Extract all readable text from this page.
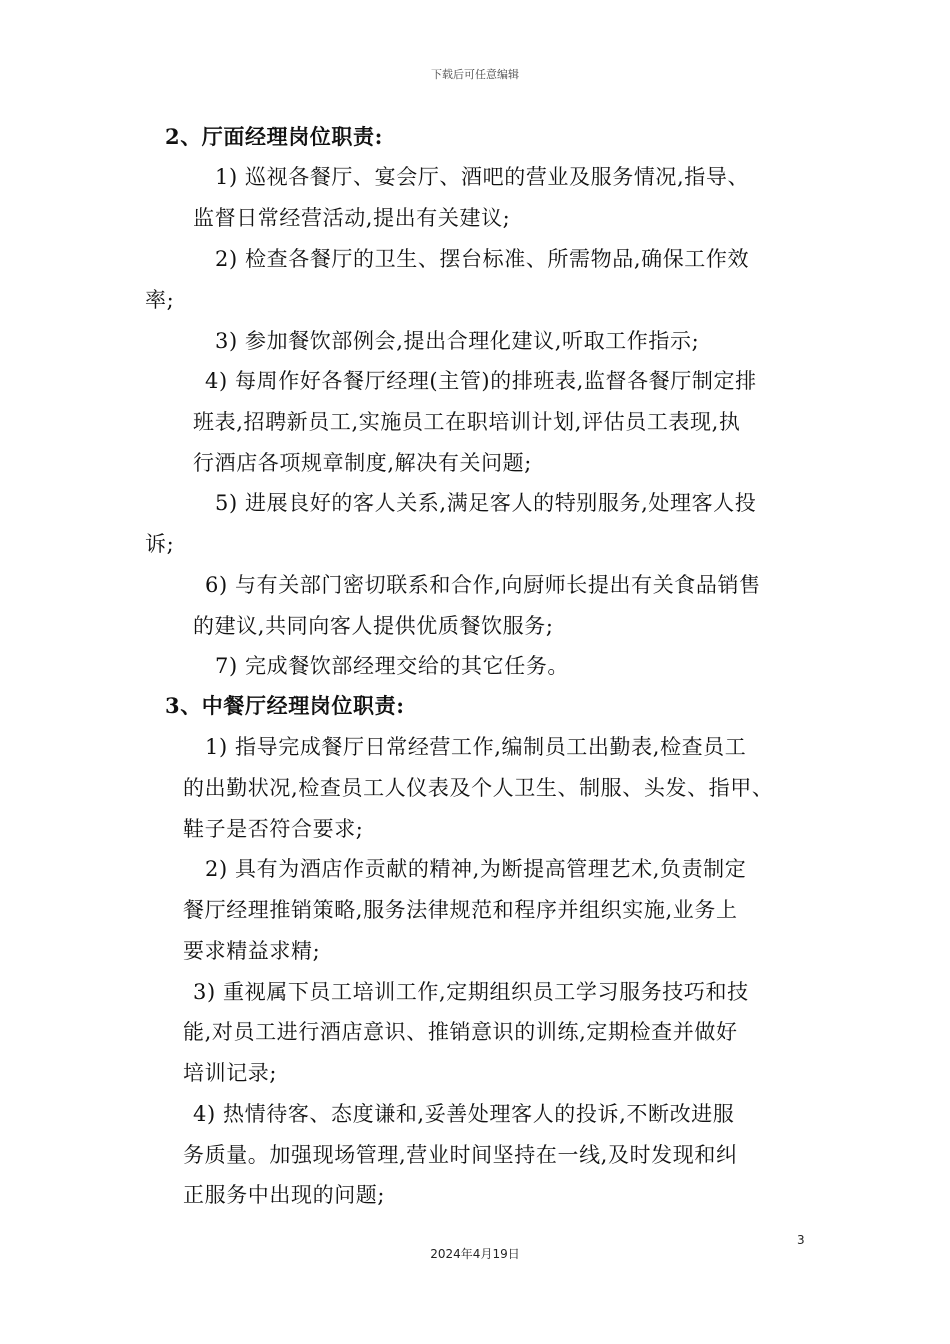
下载后可任意编辑
2、厅面经理岗位职责:
1) 巡视各餐厅、宴会厅、酒吧的营业及服务情况,指导、
监督日常经营活动,提出有关建议;
2) 检查各餐厅的卫生、摆台标准、所需物品,确保工作效
率;
3) 参加餐饮部例会,提出合理化建议,听取工作指示;
4) 每周作好各餐厅经理(主管)的排班表,监督各餐厅制定排
班表,招聘新员工,实施员工在职培训计划,评估员工表现,执
行酒店各项规章制度,解决有关问题;
5) 进展良好的客人关系,满足客人的特别服务,处理客人投
诉;
6) 与有关部门密切联系和合作,向厨师长提出有关食品销售
的建议,共同向客人提供优质餐饮服务;
7) 完成餐饮部经理交给的其它任务。
3、中餐厅经理岗位职责:
1) 指导完成餐厅日常经营工作,编制员工出勤表,检查员工
的出勤状况,检查员工人仪表及个人卫生、制服、头发、指甲、
鞋子是否符合要求;
2) 具有为酒店作贡献的精神,为断提高管理艺术,负责制定
餐厅经理推销策略,服务法律规范和程序并组织实施,业务上
要求精益求精;
3) 重视属下员工培训工作,定期组织员工学习服务技巧和技
能,对员工进行酒店意识、推销意识的训练,定期检查并做好
培训记录;
4) 热情待客、态度谦和,妥善处理客人的投诉,不断改进服
务质量。加强现场管理,营业时间坚持在一线,及时发现和纠
正服务中出现的问题;
3
2024年4月19日
